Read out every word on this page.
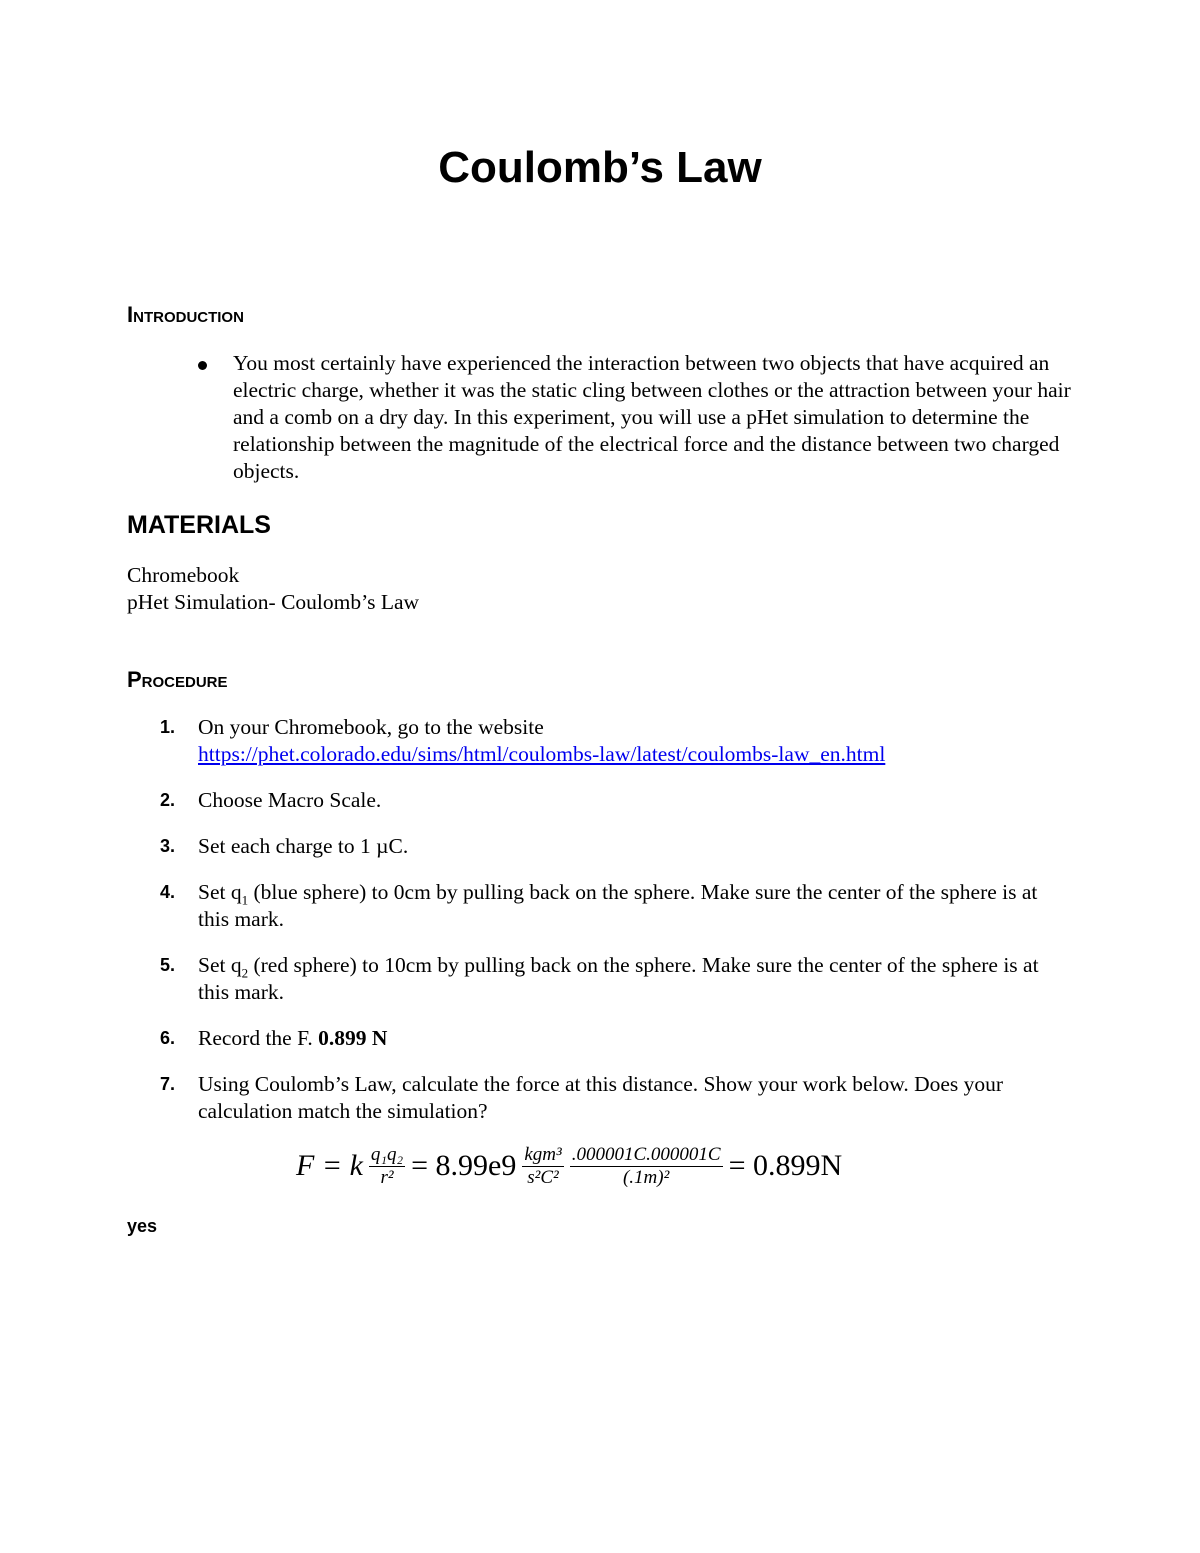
Coulomb’s Law
Introduction
You most certainly have experienced the interaction between two objects that have acquired an electric charge, whether it was the static cling between clothes or the attraction between your hair and a comb on a dry day. In this experiment, you will use a pHet simulation to determine the relationship between the magnitude of the electrical force and the distance between two charged objects.
MATERIALS
Chromebook
pHet Simulation- Coulomb’s Law
Procedure
1. On your Chromebook, go to the website
https://phet.colorado.edu/sims/html/coulombs-law/latest/coulombs-law_en.html
2. Choose Macro Scale.
3. Set each charge to 1 µC.
4. Set $q_1$ (blue sphere) to 0cm by pulling back on the sphere. Make sure the center of the sphere is at this mark.
5. Set $q_2$ (red sphere) to 10cm by pulling back on the sphere. Make sure the center of the sphere is at this mark.
6. Record the F. 0.899 N
7. Using Coulomb’s Law, calculate the force at this distance. Show your work below. Does your calculation match the simulation?
F = k $\frac{\text{q₁q₂}}{\text{r²}} = 8.99e9 \frac{\text{kgm³}}{\text{s²C²}} \frac{.000001C.000001C}{\text{(.1m)²}} = 0.899N$
yes
